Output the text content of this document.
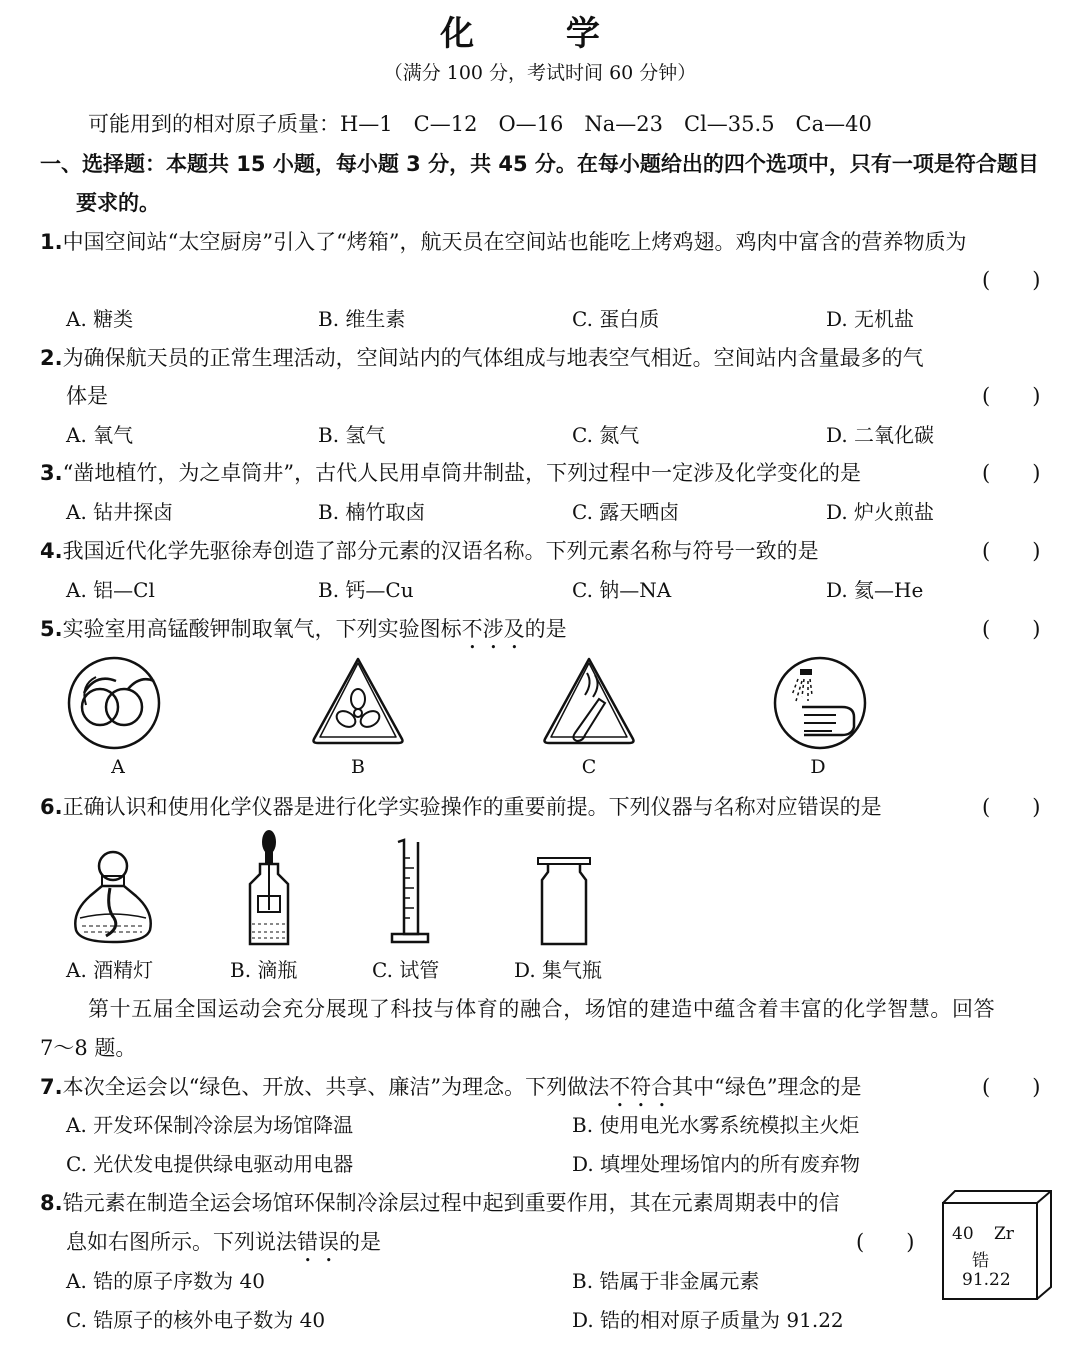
化 学
（满分 100 分，考试时间 60 分钟）
可能用到的相对原子质量：H—1　C—12　O—16　Na—23　Cl—35.5　Ca—40
一、选择题：本题共 15 小题，每小题 3 分，共 45 分。在每小题给出的四个选项中，只有一项是符合题目
要求的。
1.中国空间站“太空厨房”引入了“烤箱”，航天员在空间站也能吃上烤鸡翅。鸡肉中富含的营养物质为
(　　)
A. 糖类	B. 维生素	C. 蛋白质	D. 无机盐
2.为确保航天员的正常生理活动，空间站内的气体组成与地表空气相近。空间站内含量最多的气
体是	(　　)
A. 氧气	B. 氢气	C. 氮气	D. 二氧化碳
3.“凿地植竹，为之卓筒井”，古代人民用卓筒井制盐，下列过程中一定涉及化学变化的是	(　　)
A. 钻井探卤	B. 楠竹取卤	C. 露天晒卤	D. 炉火煎盐
4.我国近代化学先驱徐寿创造了部分元素的汉语名称。下列元素名称与符号一致的是	(　　)
A. 铝—Cl	B. 钙—Cu	C. 钠—NA	D. 氦—He
5.实验室用高锰酸钾制取氧气，下列实验图标不涉及的是	(　　)
A	B	C	D
6.正确认识和使用化学仪器是进行化学实验操作的重要前提。下列仪器与名称对应错误的是	(　　)
A. 酒精灯	B. 滴瓶	C. 试管	D. 集气瓶
第十五届全国运动会充分展现了科技与体育的融合，场馆的建造中蕴含着丰富的化学智慧。回答
7～8 题。
7.本次全运会以“绿色、开放、共享、廉洁”为理念。下列做法不符合其中“绿色”理念的是	(　　)
A. 开发环保制冷涂层为场馆降温	B. 使用电光水雾系统模拟主火炬
C. 光伏发电提供绿电驱动用电器	D. 填埋处理场馆内的所有废弃物
8.锆元素在制造全运会场馆环保制冷涂层过程中起到重要作用，其在元素周期表中的信
息如右图所示。下列说法错误的是	(　　)
A. 锆的原子序数为 40	B. 锆属于非金属元素
C. 锆原子的核外电子数为 40	D. 锆的相对原子质量为 91.22
40 Zr
锆
91.22
